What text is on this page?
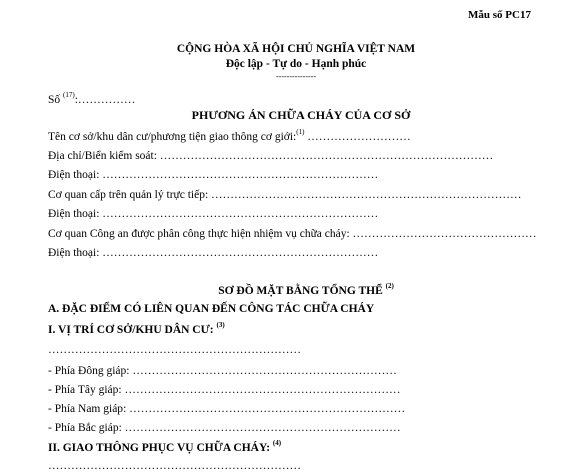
Mẫu số PC17
CỘNG HÒA XÃ HỘI CHỦ NGHĨA VIỆT NAM
Độc lập - Tự do - Hạnh phúc
---------------
Số $^{(17)}$:……………
PHƯƠNG ÁN CHỮA CHÁY CỦA CƠ SỞ
Tên cơ sở/khu dân cư/phương tiện giao thông cơ giới:$^{(1)}$ ………………………
Địa chỉ/Biển kiểm soát: ……………………………………………………………………………
Điện thoại: ………………………………………………………………
Cơ quan cấp trên quản lý trực tiếp: ………………………………………………………………………
Điện thoại: ………………………………………………………………
Cơ quan Công an được phân công thực hiện nhiệm vụ chữa cháy: …………………………………………
Điện thoại: ………………………………………………………………
SƠ ĐỒ MẶT BẰNG TỔNG THỂ $^{(2)}$
A. ĐẶC ĐIỂM CÓ LIÊN QUAN ĐẾN CÔNG TÁC CHỮA CHÁY
I. VỊ TRÍ CƠ SỞ/KHU DÂN CƯ: $^{(3)}$
…………………………………………………………
- Phía Đông giáp: ……………………………………………………………
- Phía Tây giáp: ………………………………………………………………
- Phía Nam giáp: ………………………………………………………………
- Phía Bắc giáp: ………………………………………………………………
II. GIAO THÔNG PHỤC VỤ CHỮA CHÁY: $^{(4)}$
…………………………………………………………
